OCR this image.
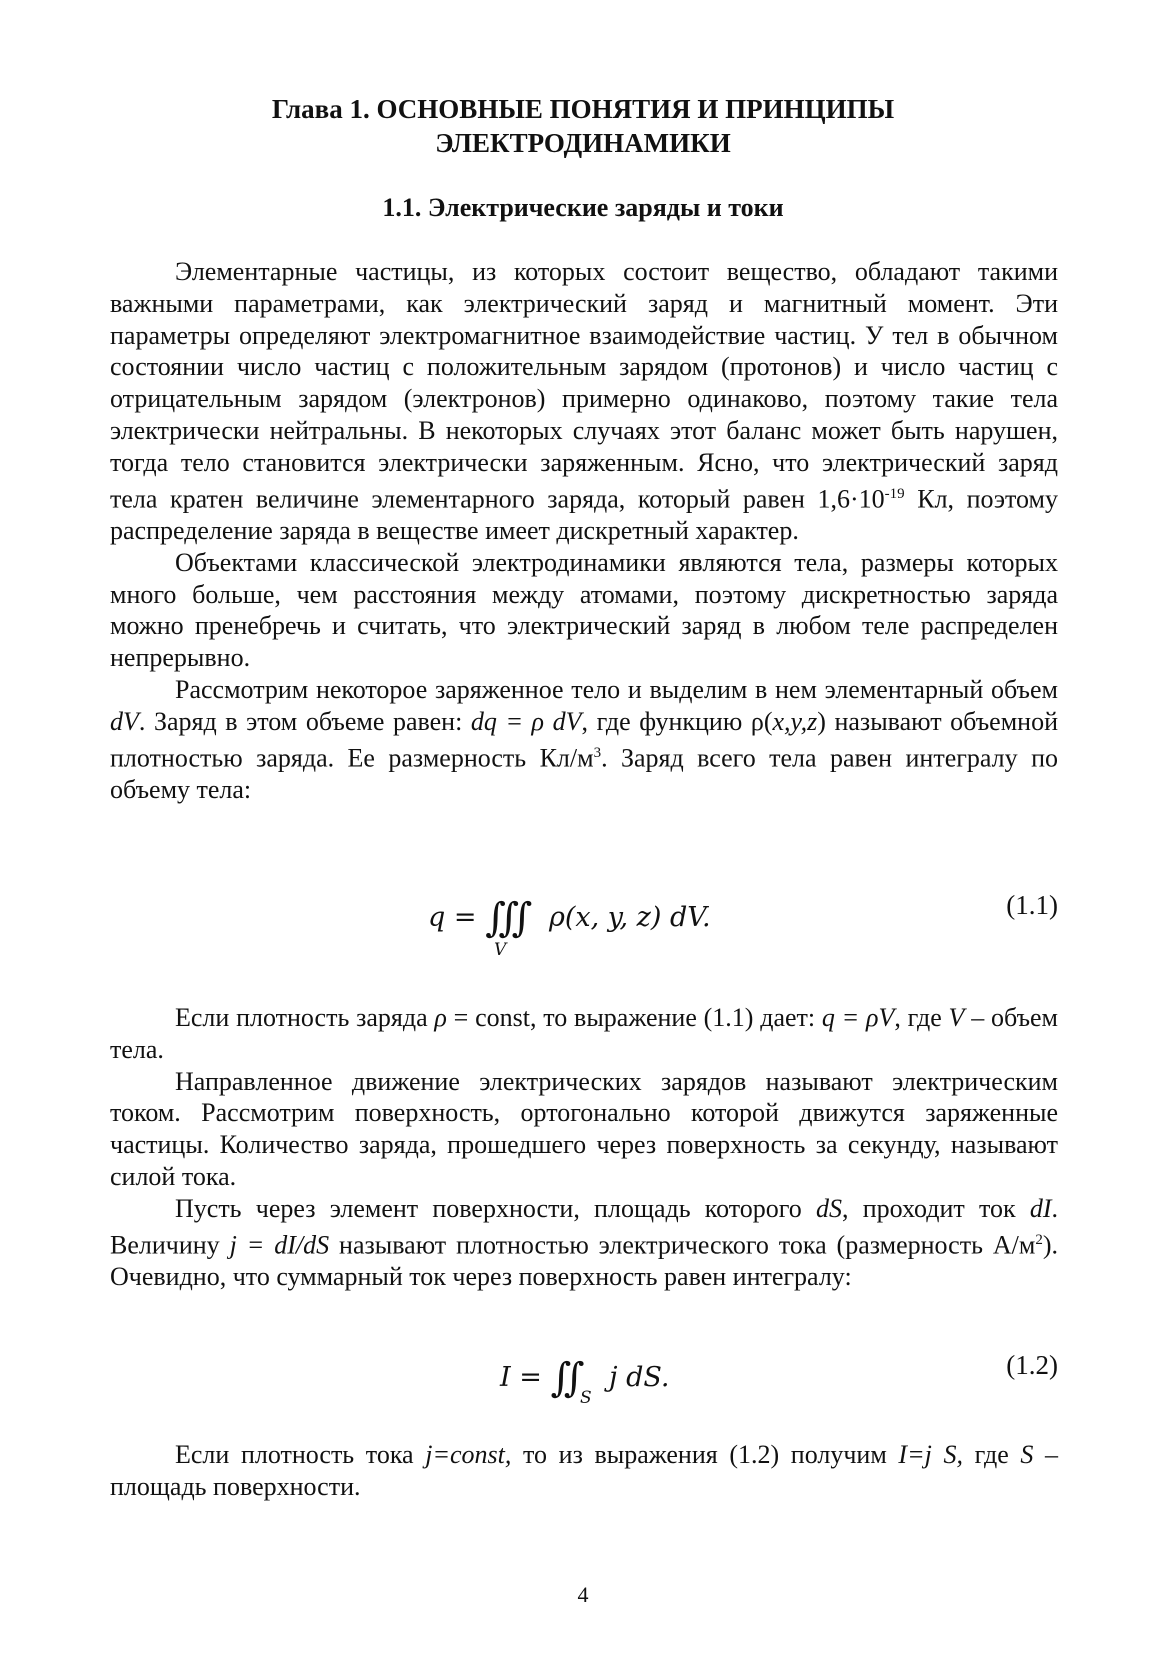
Глава 1. ОСНОВНЫЕ ПОНЯТИЯ И ПРИНЦИПЫ
ЭЛЕКТРОДИНАМИКИ
1.1. Электрические заряды и токи

Элементарные частицы, из которых состоит вещество, обладают такими важными параметрами, как электрический заряд и магнитный момент. Эти параметры определяют электромагнитное взаимодействие частиц. У тел в обычном состоянии число частиц с положительным зарядом (протонов) и число частиц с отрицательным зарядом (электронов) примерно одинаково, поэтому такие тела электрически нейтральны. В некоторых случаях этот баланс может быть нарушен, тогда тело становится электрически заряженным. Ясно, что электрический заряд тела кратен величине элементарного заряда, который равен $1,6\cdot 10^{-19}$ Кл, поэтому распределение заряда в веществе имеет дискретный характер.

Объектами классической электродинамики являются тела, размеры которых много больше, чем расстояния между атомами, поэтому дискретностью заряда можно пренебречь и считать, что электрический заряд в любом теле распределен непрерывно.

Рассмотрим некоторое заряженное тело и выделим в нем элементарный объем dV. Заряд в этом объеме равен: dq = ρ dV, где функцию ρ(x,y,z) называют объемной плотностью заряда. Ее размерность $Кл/м^3$. Заряд всего тела равен интегралу по объему тела:

q = ∭
V
ρ(x, y, z) dV.	(1.1)

Если плотность заряда ρ = const, то выражение (1.1) дает: q = ρV, где V – объем тела.

Направленное движение электрических зарядов называют электрическим током. Рассмотрим поверхность, ортогонально которой движутся заряженные частицы. Количество заряда, прошедшего через поверхность за секунду, называют силой тока.

Пусть через элемент поверхности, площадь которого dS, проходит ток dI. Величину j = dI/dS называют плотностью электрического тока (размерность $А/м^2$). Очевидно, что суммарный ток через поверхность равен интегралу:

I = ∬ S
j dS.	(1.2)

Если плотность тока j=const, то из выражения (1.2) получим I=j S, где S – площадь поверхности.

4
